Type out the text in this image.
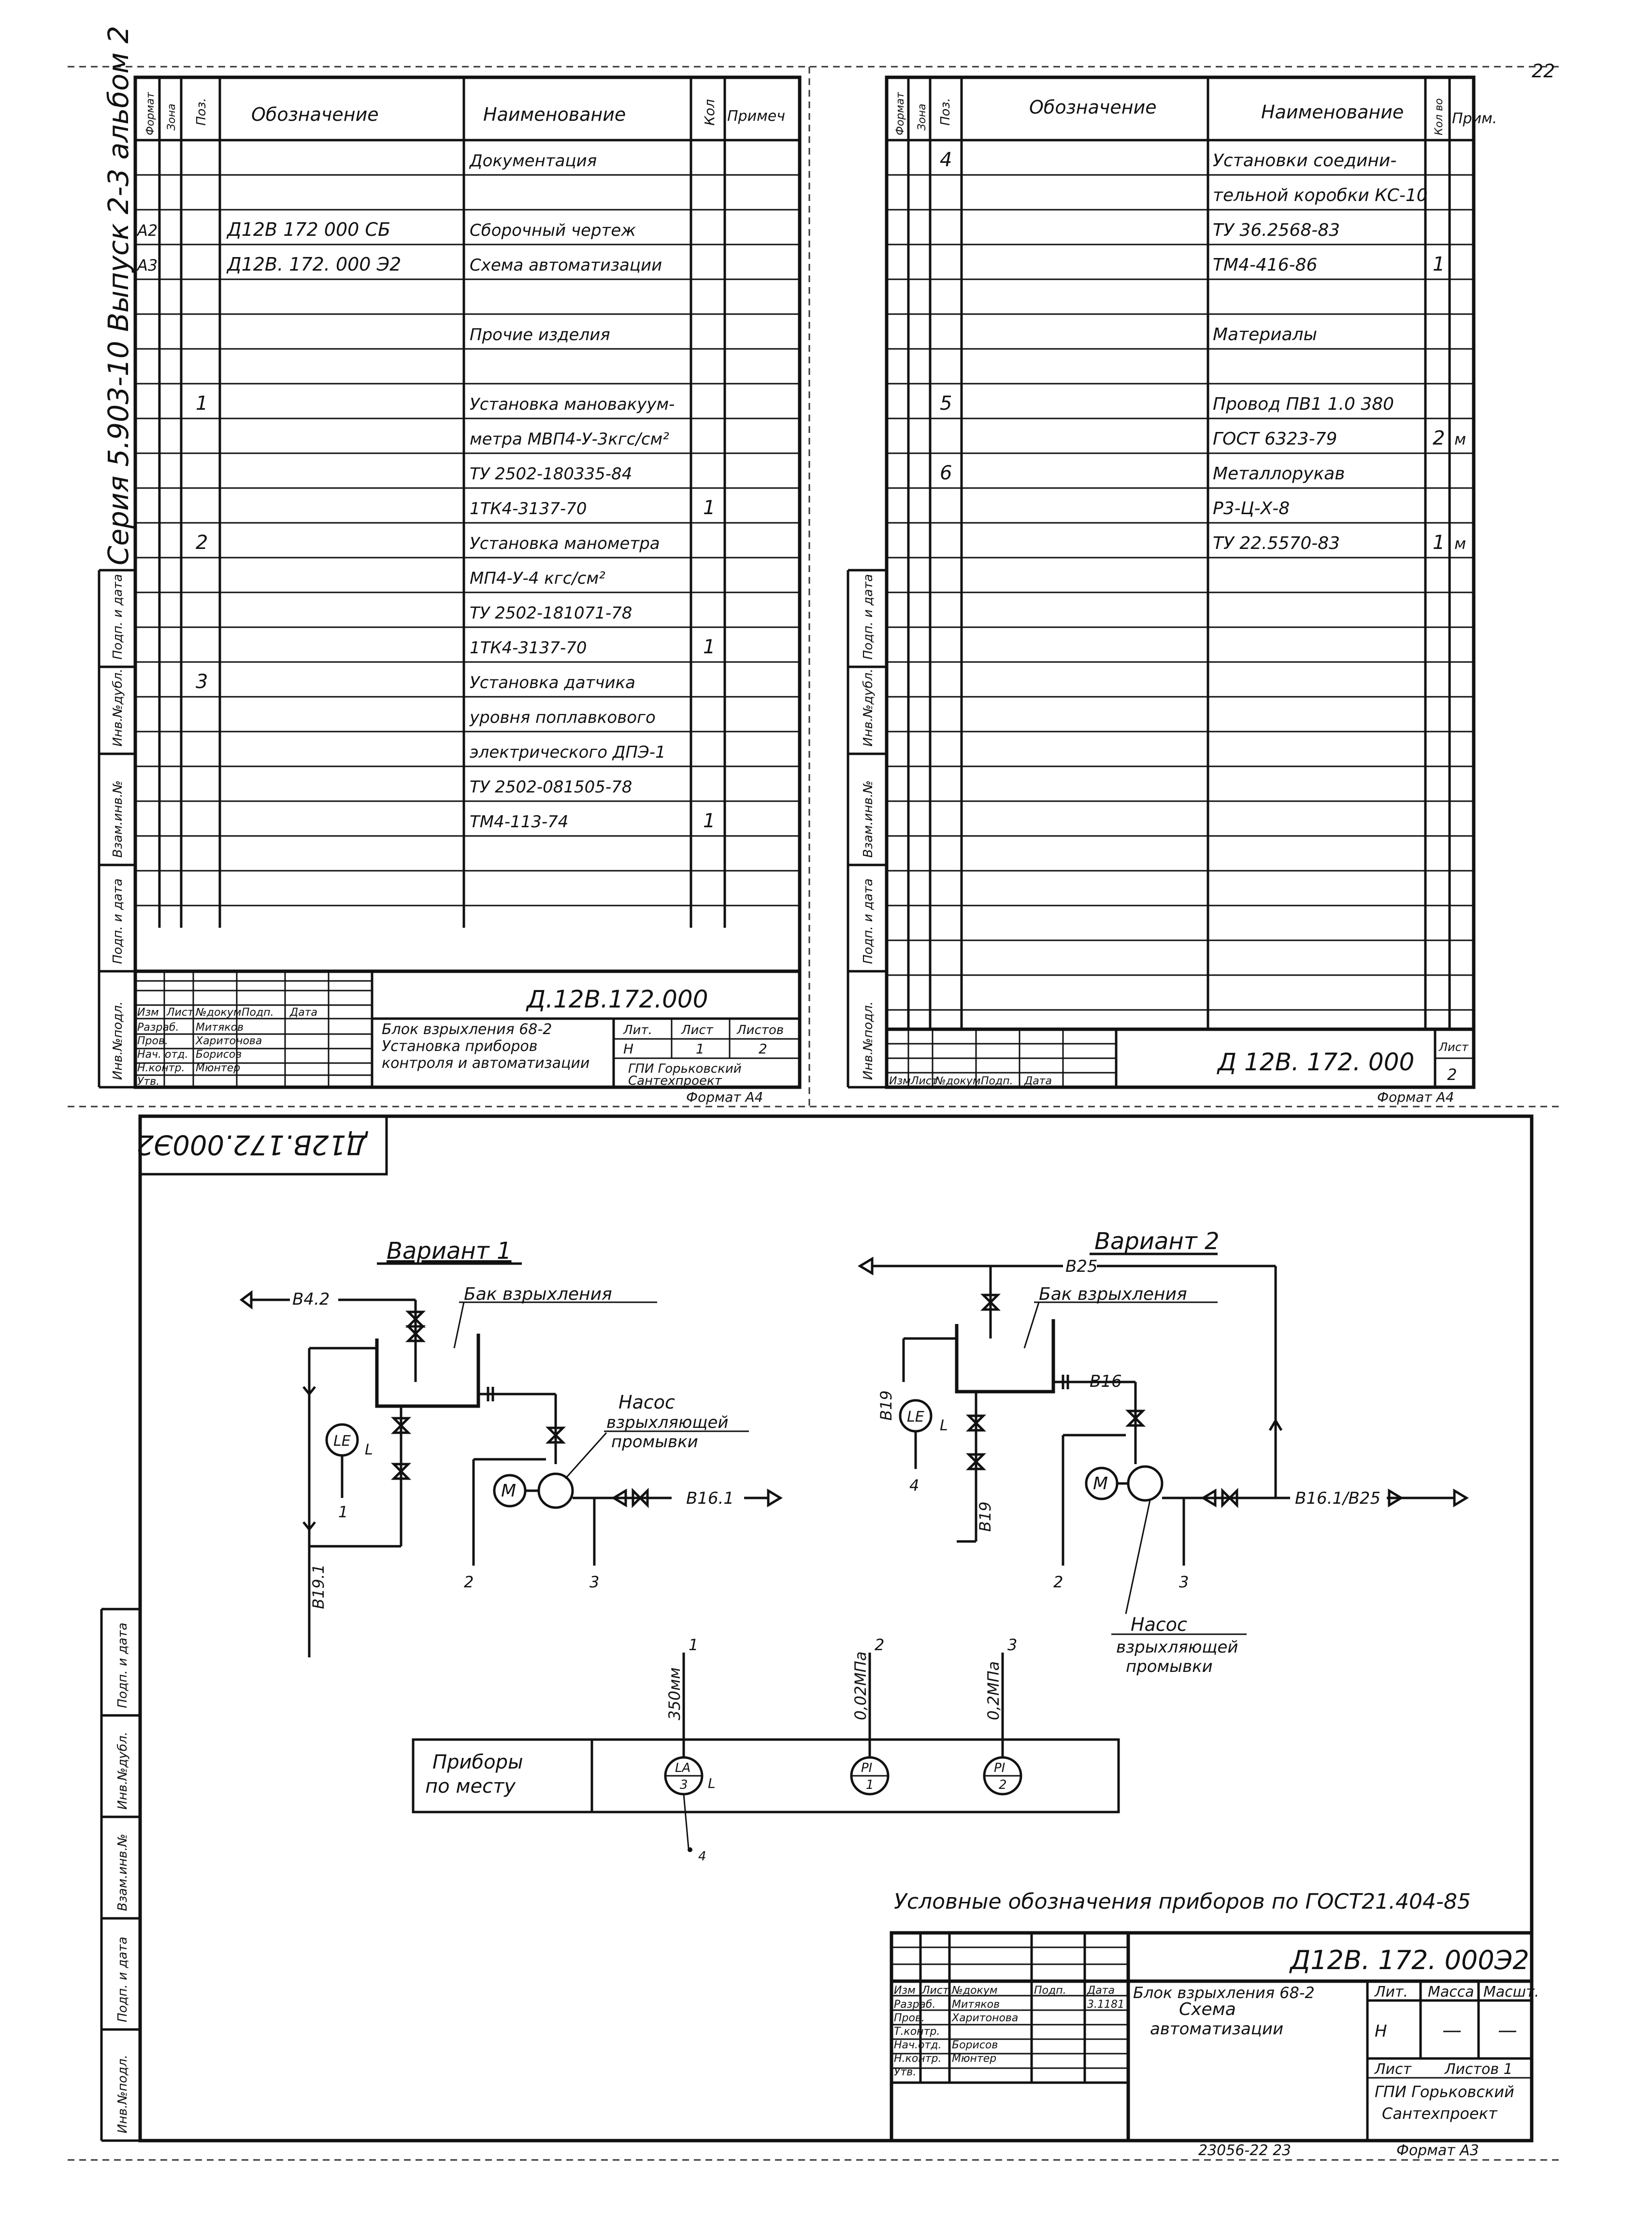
22
Серия 5.903-10 Выпуск 2-3 альбом 2
Инв.№подл.
Подп. и дата
Взам.инв.№
Инв.№дубл.
Подп. и дата
Формат Зона Поз. Обозначение	Наименование	Кол Примеч
Документация
A2	Д12В 172 000 СБ	Сборочный чертеж
A3	Д12В. 172. 000 Э2	Схема автоматизации
Прочие изделия
1	Установка мановакуум-
метра МВП4-У-3кгс/см²
ТУ 2502-180335-84
1ТК4-3137-70	1
2	Установка манометра
МП4-У-4 кгс/см²
ТУ 2502-181071-78
1ТК4-3137-70	1
3	Установка датчика
уровня поплавкового
электрического ДПЭ-1
ТУ 2502-081505-78
ТМ4-113-74	1
Д.12В.172.000
Блок взрыхления 68-2
Установка приборов
контроля и автоматизации
Лит. Лист Листов
Н	1	2
ГПИ Горьковский
Сантехпроект
Изм Лист №докум.
Подп. Дата
Разраб. Митяков
Пров.	Харитонова
Нач. отд. Борисов
Н.контр. Мюнтер
Утв.
Формат А4
Инв.№подл.
Подп. и дата
Взам.инв.№
Инв.№дубл.
Подп. и дата
Формат Зона Поз.	Обозначение	Наименование	Кол во Прим.
4	Установки соедини-
тельной коробки КС-10
ТУ 36.2568-83
ТМ4-416-86	1
Материалы
5	Провод ПВ1 1.0 380
ГОСТ 6323-79	2 м
6	Металлорукав
Р3-Ц-Х-8
ТУ 22.5570-83	1 м
Д 12В. 172. 000
Лист
2
Изм Лист
№докум.
Подп. Дата
Формат А4
Инв.№подл.
Подп. и дата
Взам.инв.№
Инв.№дубл.
Подп. и дата
Д12В.172.000Э2
Вариант 1
Бак взрыхления
В4.2
В19.1
LE
L
1
2
M
3
В16.1
Насос
взрыхляющей
промывки
Вариант 2
В25
Бак взрыхления
В16
В19 LE
L
4
В19
2
M
3
В16.1/В25
Насос
взрыхляющей
промывки
Приборы
по месту
LA
3 L
350мм
1
PI
1
0,02МПа
2
PI
2
0,2МПа
3
4
Условные обозначения приборов по ГОСТ21.404-85
Д12В. 172. 000Э2
Блок взрыхления 68-2
Схема
автоматизации
Лит. Масса Масшт.
Н	— —
Лист Листов 1
ГПИ Горьковский
Сантехпроект
Изм Лист №докум	Подп. Дата
Разраб. Митяков
Пров.	Харитонова
Т.контр.
Нач.отд. Борисов
Н.контр. Мюнтер
Утв.
3.1181
23056-22 23	Формат А3
